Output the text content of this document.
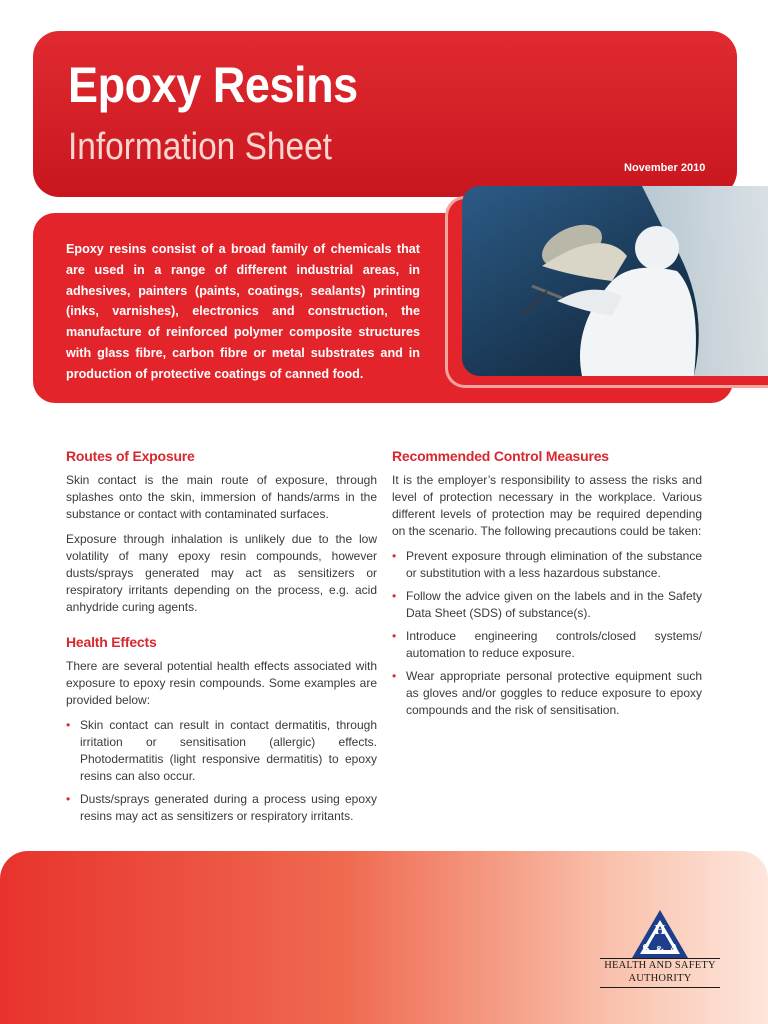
Epoxy Resins
Information Sheet	November 2010

Epoxy resins consist of a broad family of chemicals that are used in a range of different industrial areas, in adhesives, painters (paints, coatings, sealants) printing (inks, varnishes), electronics and construction, the manufacture of reinforced polymer composite structures with glass fibre, carbon fibre or metal substrates and in production of protective coatings of canned food.

Routes of Exposure

Skin contact is the main route of exposure, through splashes onto the skin, immersion of hands/arms in the substance or contact with contaminated surfaces.

Exposure through inhalation is unlikely due to the low volatility of many epoxy resin compounds, however dusts/sprays generated may act as sensitizers or respiratory irritants depending on the process, e.g. acid anhydride curing agents.

Health Effects

There are several potential health effects associated with exposure to epoxy resin compounds. Some examples are provided below:

• Skin contact can result in contact dermatitis, through irritation or sensitisation (allergic) effects. Photodermatitis (light responsive dermatitis) to epoxy resins can also occur.
• Dusts/sprays generated during a process using epoxy resins may act as sensitizers or respiratory irritants.
Recommended Control Measures

It is the employer’s responsibility to assess the risks and level of protection necessary in the workplace. Various different levels of protection may be required depending on the scenario. The following precautions could be taken:

• Prevent exposure through elimination of the substance or substitution with a less hazardous substance.
• Follow the advice given on the labels and in the Safety Data Sheet (SDS) of substance(s).
• Introduce engineering controls/closed systems/ automation to reduce exposure.
• Wear appropriate personal protective equipment such as gloves and/or goggles to reduce exposure to epoxy compounds and the risk of sensitisation.
H
S & A
HEALTH AND SAFETY
AUTHORITY
